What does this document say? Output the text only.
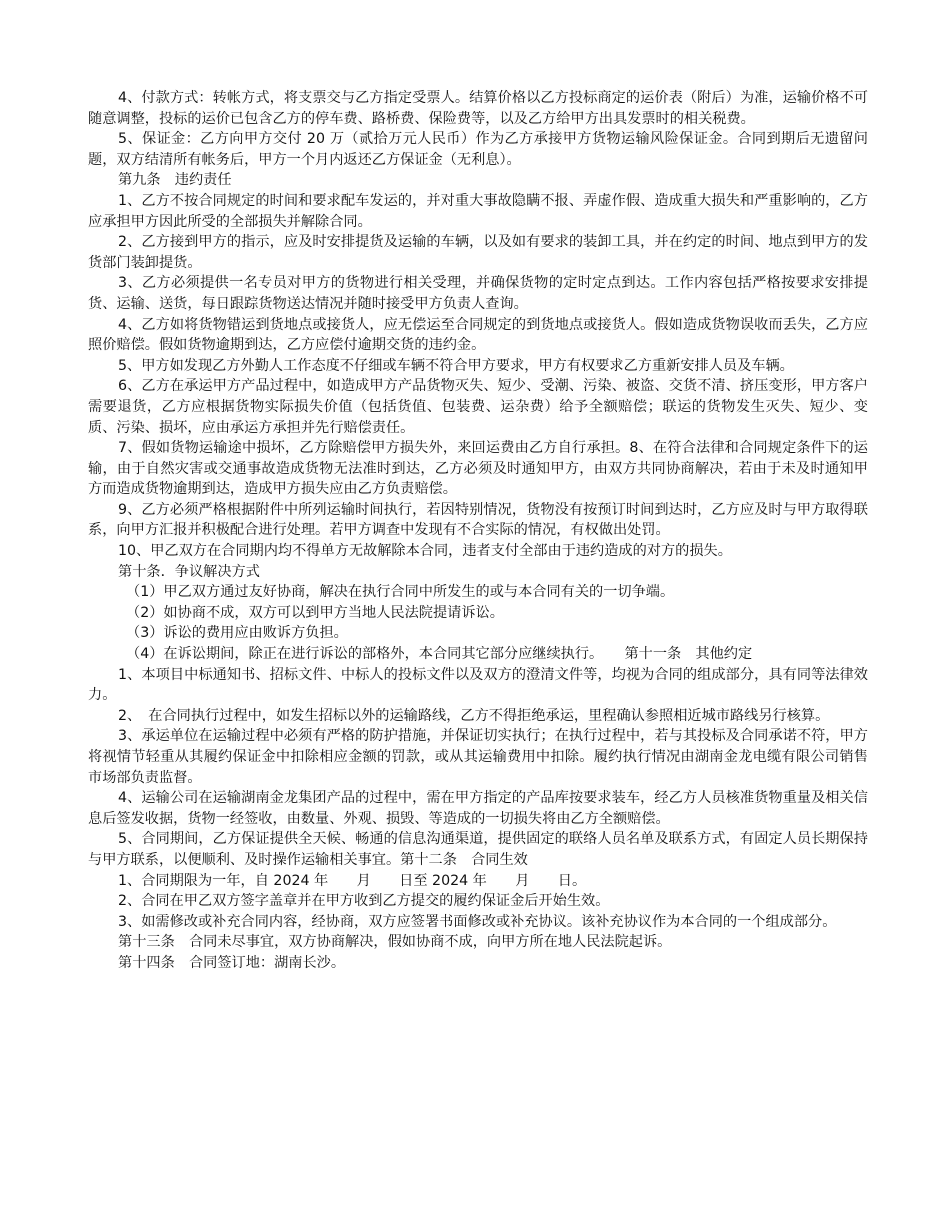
4、付款方式：转帐方式，将支票交与乙方指定受票人。结算价格以乙方投标商定的运价表（附后）为准，运输价格不可随意调整，投标的运价已包含乙方的停车费、路桥费、保险费等，以及乙方给甲方出具发票时的相关税费。

5、保证金：乙方向甲方交付 20 万（贰拾万元人民币）作为乙方承接甲方货物运输风险保证金。合同到期后无遗留问题，双方结清所有帐务后，甲方一个月内返还乙方保证金（无利息）。

第九条　违约责任

1、乙方不按合同规定的时间和要求配车发运的，并对重大事故隐瞒不报、弄虚作假、造成重大损失和严重影响的，乙方应承担甲方因此所受的全部损失并解除合同。

2、乙方接到甲方的指示，应及时安排提货及运输的车辆，以及如有要求的装卸工具，并在约定的时间、地点到甲方的发货部门装卸提货。

3、乙方必须提供一名专员对甲方的货物进行相关受理，并确保货物的定时定点到达。工作内容包括严格按要求安排提货、运输、送货，每日跟踪货物送达情况并随时接受甲方负责人查询。

4、乙方如将货物错运到货地点或接货人，应无偿运至合同规定的到货地点或接货人。假如造成货物误收而丢失，乙方应照价赔偿。假如货物逾期到达，乙方应偿付逾期交货的违约金。

5、甲方如发现乙方外勤人工作态度不仔细或车辆不符合甲方要求，甲方有权要求乙方重新安排人员及车辆。

6、乙方在承运甲方产品过程中，如造成甲方产品货物灭失、短少、受潮、污染、被盗、交货不清、挤压变形，甲方客户需要退货，乙方应根据货物实际损失价值（包括货值、包装费、运杂费）给予全额赔偿；联运的货物发生灭失、短少、变质、污染、损坏，应由承运方承担并先行赔偿责任。

7、假如货物运输途中损坏，乙方除赔偿甲方损失外，来回运费由乙方自行承担。8、在符合法律和合同规定条件下的运输，由于自然灾害或交通事故造成货物无法准时到达，乙方必须及时通知甲方，由双方共同协商解决，若由于未及时通知甲方而造成货物逾期到达，造成甲方损失应由乙方负责赔偿。

9、乙方必须严格根据附件中所列运输时间执行，若因特别情况，货物没有按预订时间到达时，乙方应及时与甲方取得联系，向甲方汇报并积极配合进行处理。若甲方调查中发现有不合实际的情况，有权做出处罚。

10、甲乙双方在合同期内均不得单方无故解除本合同，违者支付全部由于违约造成的对方的损失。

第十条．争议解决方式

（1）甲乙双方通过友好协商，解决在执行合同中所发生的或与本合同有关的一切争端。

（2）如协商不成，双方可以到甲方当地人民法院提请诉讼。

（3）诉讼的费用应由败诉方负担。

（4）在诉讼期间，除正在进行诉讼的部格外，本合同其它部分应继续执行。　　第十一条　其他约定

1、本项目中标通知书、招标文件、中标人的投标文件以及双方的澄清文件等，均视为合同的组成部分，具有同等法律效力。

2、　在合同执行过程中，如发生招标以外的运输路线，乙方不得拒绝承运，里程确认参照相近城市路线另行核算。

3、承运单位在运输过程中必须有严格的防护措施，并保证切实执行；在执行过程中，若与其投标及合同承诺不符，甲方将视情节轻重从其履约保证金中扣除相应金额的罚款，或从其运输费用中扣除。履约执行情况由湖南金龙电缆有限公司销售市场部负责监督。

4、运输公司在运输湖南金龙集团产品的过程中，需在甲方指定的产品库按要求装车，经乙方人员核准货物重量及相关信息后签发收据，货物一经签收，由数量、外观、损毁、等造成的一切损失将由乙方全额赔偿。

5、合同期间，乙方保证提供全天候、畅通的信息沟通渠道，提供固定的联络人员名单及联系方式，有固定人员长期保持与甲方联系，以便顺利、及时操作运输相关事宜。第十二条　合同生效

1、合同期限为一年，自 2024 年　　月　　日至 2024 年　　月　　日。

2、合同在甲乙双方签字盖章并在甲方收到乙方提交的履约保证金后开始生效。

3、如需修改或补充合同内容，经协商，双方应签署书面修改或补充协议。该补充协议作为本合同的一个组成部分。

第十三条　合同未尽事宜，双方协商解决，假如协商不成，向甲方所在地人民法院起诉。

第十四条　合同签订地：湖南长沙。
